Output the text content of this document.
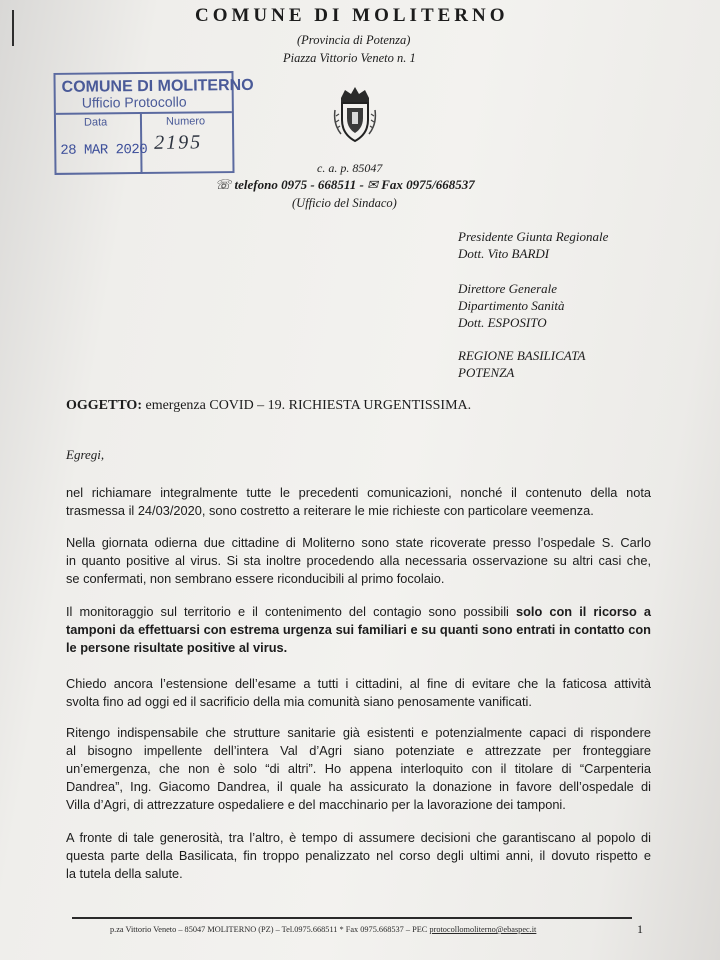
COMUNE DI MOLITERNO
(Provincia di Potenza)
Piazza Vittorio Veneto n. 1
COMUNE DI MOLITERNO
Ufficio Protocollo
Data	Numero
28 MAR 2020 2195
c. a. p. 85047
☏ telefono 0975 - 668511 - ✉ Fax 0975/668537
(Ufficio del Sindaco)
Presidente Giunta Regionale
Dott. Vito BARDI
Direttore Generale
Dipartimento Sanità
Dott. ESPOSITO
REGIONE BASILICATA
POTENZA
OGGETTO: emergenza COVID – 19. RICHIESTA URGENTISSIMA.
Egregi,
nel richiamare integralmente tutte le precedenti comunicazioni, nonché il contenuto della nota
trasmessa il 24/03/2020, sono costretto a reiterare le mie richieste con particolare veemenza.
Nella giornata odierna due cittadine di Moliterno sono state ricoverate presso l’ospedale S. Carlo
in quanto positive al virus. Si sta inoltre procedendo alla necessaria osservazione su altri casi che,
se confermati, non sembrano essere riconducibili al primo focolaio.
Il monitoraggio sul territorio e il contenimento del contagio sono possibili solo con il ricorso a
tamponi da effettuarsi con estrema urgenza sui familiari e su quanti sono entrati in contatto con
le persone risultate positive al virus.
Chiedo ancora l’estensione dell’esame a tutti i cittadini, al fine di evitare che la faticosa attività
svolta fino ad oggi ed il sacrificio della mia comunità siano penosamente vanificati.
Ritengo indispensabile che strutture sanitarie già esistenti e potenzialmente capaci di rispondere
al bisogno impellente dell’intera Val d’Agri siano potenziate e attrezzate per fronteggiare
un’emergenza, che non è solo “di altri”. Ho appena interloquito con il titolare di “Carpenteria
Dandrea”, Ing. Giacomo Dandrea, il quale ha assicurato la donazione in favore dell’ospedale di
Villa d’Agri, di attrezzature ospedaliere e del macchinario per la lavorazione dei tamponi.
A fronte di tale generosità, tra l’altro, è tempo di assumere decisioni che garantiscano al popolo di
questa parte della Basilicata, fin troppo penalizzato nel corso degli ultimi anni, il dovuto rispetto e
la tutela della salute.
p.za Vittorio Veneto – 85047 MOLITERNO (PZ) – Tel.0975.668511 * Fax 0975.668537 – PEC protocollomoliterno@ebaspec.it	1
